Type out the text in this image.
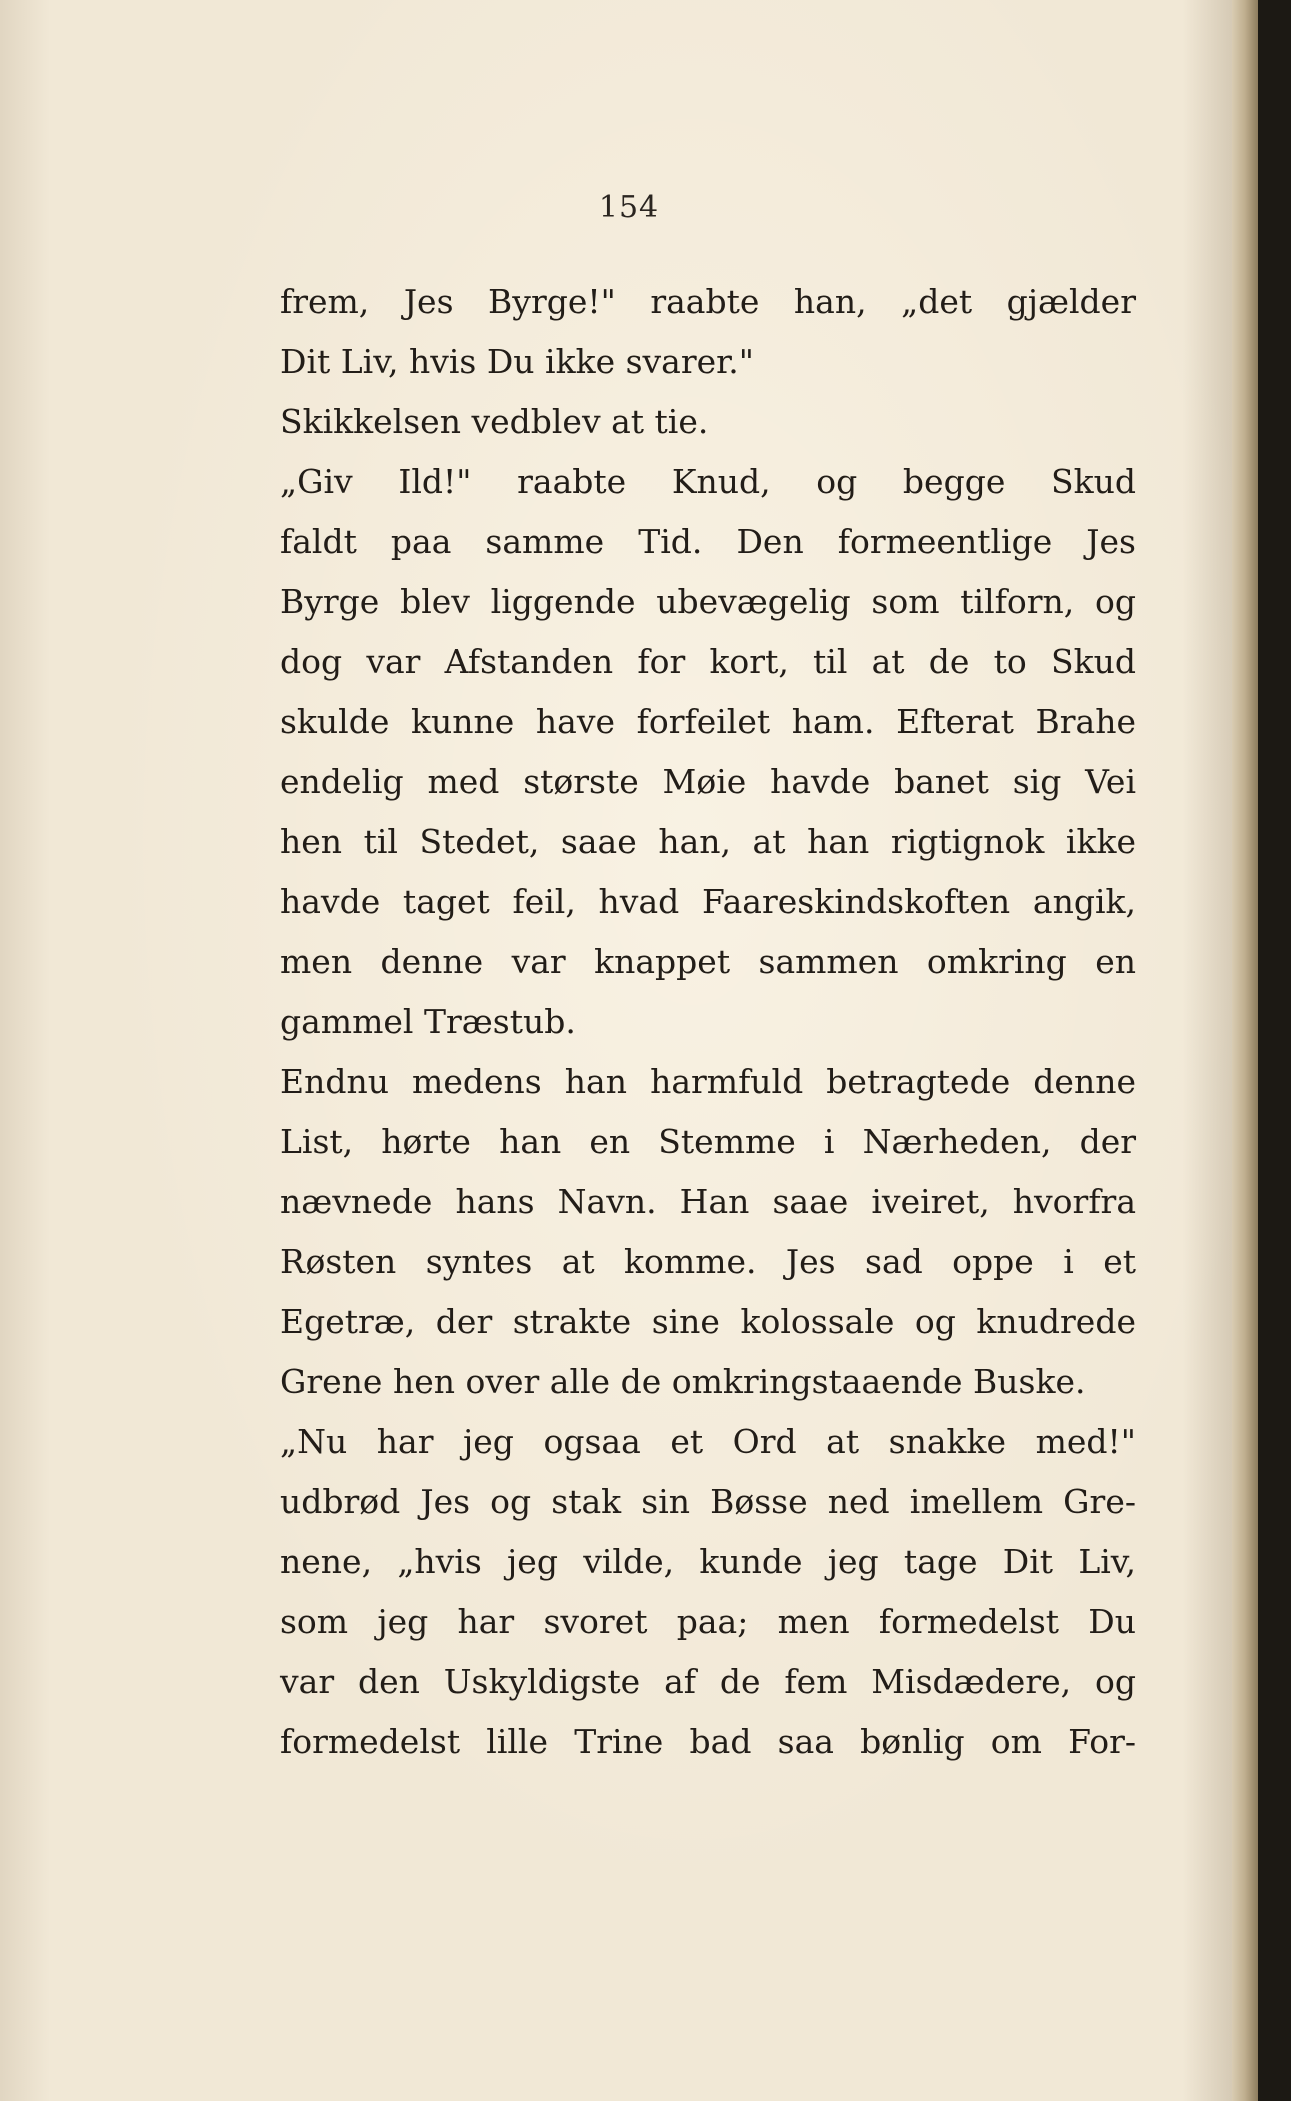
154
frem, Jes Byrge!" raabte han, „det gjælder
Dit Liv, hvis Du ikke svarer."
Skikkelsen vedblev at tie.
„Giv Ild!" raabte Knud, og begge Skud
faldt paa samme Tid. Den formeentlige Jes
Byrge blev liggende ubevægelig som tilforn, og
dog var Afstanden for kort, til at de to Skud
skulde kunne have forfeilet ham. Efterat Brahe
endelig med største Møie havde banet sig Vei
hen til Stedet, saae han, at han rigtignok ikke
havde taget feil, hvad Faareskindskoften angik,
men denne var knappet sammen omkring en
gammel Træstub.
Endnu medens han harmfuld betragtede denne
List, hørte han en Stemme i Nærheden, der
nævnede hans Navn. Han saae iveiret, hvorfra
Røsten syntes at komme. Jes sad oppe i et
Egetræ, der strakte sine kolossale og knudrede
Grene hen over alle de omkringstaaende Buske.
„Nu har jeg ogsaa et Ord at snakke med!"
udbrød Jes og stak sin Bøsse ned imellem Gre-
nene, „hvis jeg vilde, kunde jeg tage Dit Liv,
som jeg har svoret paa; men formedelst Du
var den Uskyldigste af de fem Misdædere, og
formedelst lille Trine bad saa bønlig om For-
